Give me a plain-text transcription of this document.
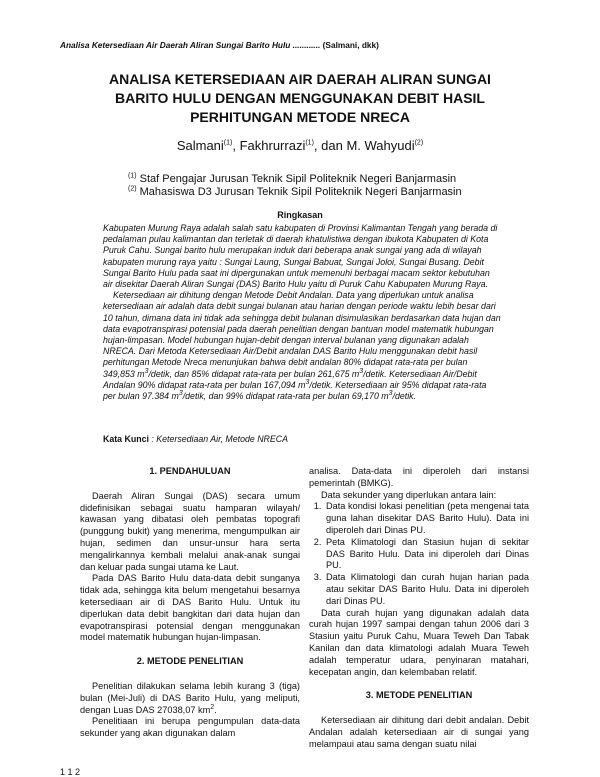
Analisa Ketersediaan Air Daerah Aliran Sungai Barito Hulu ............ (Salmani, dkk)
ANALISA KETERSEDIAAN AIR DAERAH ALIRAN SUNGAI
BARITO HULU DENGAN MENGGUNAKAN DEBIT HASIL
PERHITUNGAN METODE NRECA
Salmani$^{(1)}$, Fakhrurrazi$^{(1)}$, dan M. Wahyudi$^{(2)}$
$^{(1)}$ Staf Pengajar Jurusan Teknik Sipil Politeknik Negeri Banjarmasin
$^{(2)}$ Mahasiswa D3 Jurusan Teknik Sipil Politeknik Negeri Banjarmasin
Ringkasan

Kabupaten Murung Raya adalah salah satu kabupaten di Provinsi Kalimantan Tengah yang berada di pedalaman pulau kalimantan dan terletak di daerah khatulistiwa dengan ibukota Kabupaten di Kota Puruk Cahu. Sungai barito hulu merupakan induk dari beberapa anak sungai yang ada di wilayah kabupaten murung raya yaitu : Sungai Laung, Sungai Babuat, Sungai Joloi, Sungai Busang. Debit Sungai Barito Hulu pada saat ini dipergunakan untuk memenuhi berbagai macam sektor kebutuhan air disekitar Daerah Aliran Sungai (DAS) Barito Hulu yaitu di Puruk Cahu Kabupaten Murung Raya.

Ketersediaan air dihitung dengan Metode Debit Andalan. Data yang diperlukan untuk analisa ketersediaan air adalah data debit sungai bulanan atau harian dengan periode waktu lebih besar dari 10 tahun, dimana data ini tidak ada sehingga debit bulanan disimulasikan berdasarkan data hujan dan data evapotranspirasi potensial pada daerah penelitian dengan bantuan model matematik hubungan hujan-limpasan. Model hubungan hujan-debit dengan interval bulanan yang digunakan adalah NRECA. Dari Metoda Ketersediaan Air/Debit andalan DAS Barito Hulu menggunakan debit hasil perhitungan Metode Nreca menunjukan bahwa debit andalan 80% didapat rata-rata per bulan 349,853 $m^3$/detik, dan 85% didapat rata-rata per bulan 261,675 $m^3$/detik. Ketersediaan Air/Debit Andalan 90% didapat rata-rata per bulan 167,094 $m^3$/detik. Ketersediaan air 95% didapat rata-rata per bulan 97.384 $m^3$/detik, dan 99% didapat rata-rata per bulan 69,170 $m^3$/detik.

Kata Kunci : Ketersediaan Air, Metode NRECA
1. PENDAHULUAN

Daerah Aliran Sungai (DAS) secara umum didefinisikan sebagai suatu hamparan wilayah/ kawasan yang dibatasi oleh pembatas topografi (punggung bukit) yang menerima, mengumpulkan air hujan, sedimen dan unsur-unsur hara serta mengalirkannya kembali melalui anak-anak sungai dan keluar pada sungai utama ke Laut.

Pada DAS Barito Hulu data-data debit sunganya tidak ada, sehingga kita belum mengetahui besarnya ketersediaan air di DAS Barito Hulu. Untuk itu diperlukan data debit bangkitan dari data hujan dan evapotranspirasi potensial dengan menggunakan model matematik hubungan hujan-limpasan.

2. METODE PENELITIAN

Penelitian dilakukan selama lebih kurang 3 (tiga) bulan (Mei-Juli) di DAS Barito Hulu, yang meliputi, dengan Luas DAS 27038,07 $km^2$.

Penelitiaan ini berupa pengumpulan data-data sekunder yang akan digunakan dalam

analisa. Data-data ini diperoleh dari instansi pemerintah (BMKG).

Data sekunder yang diperlukan antara lain:

1. Data kondisi lokasi penelitian (peta mengenai tata guna lahan disekitar DAS Barito Hulu). Data ini diperoleh dari Dinas PU.
2. Peta Klimatologi dan Stasiun hujan di sekitar DAS Barito Hulu. Data ini diperoleh dari Dinas PU.
3. Data Klimatologi dan curah hujan harian pada atau sekitar DAS Barito Hulu. Data ini diperoleh dari Dinas PU.

Data curah hujan yang digunakan adalah data curah hujan 1997 sampai dengan tahun 2006 dari 3 Stasiun yaitu Puruk Cahu, Muara Teweh Dan Tabak Kanilan dan data klimatologi adalah Muara Teweh adalah temperatur udara, penyinaran matahari, kecepatan angin, dan kelembaban relatif.

3. METODE PENELITIAN

Ketersediaan air dihitung dari debit andalan. Debit Andalan adalah ketersediaan air di sungai yang melampaui atau sama dengan suatu nilai

1 1 2
